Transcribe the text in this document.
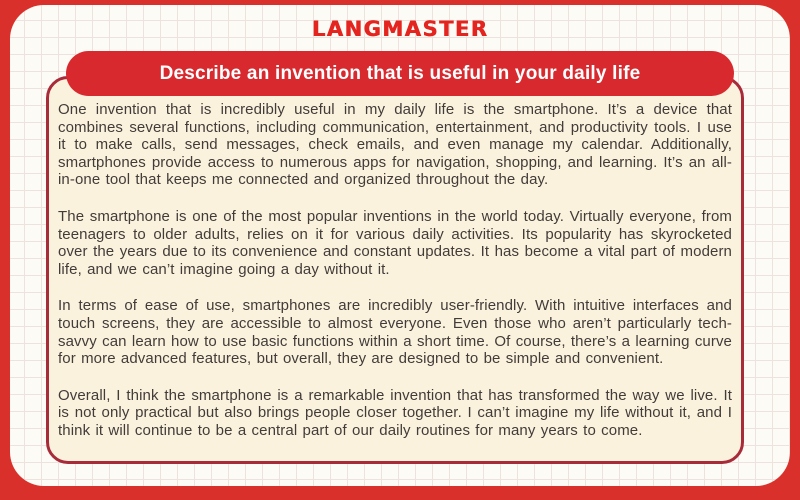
LANGMASTER
Describe an invention that is useful in your daily life

One invention that is incredibly useful in my daily life is the smartphone. It’s a device that combines several functions, including communication, entertainment, and productivity tools. I use it to make calls, send messages, check emails, and even manage my calendar. Additionally, smartphones provide access to numerous apps for navigation, shopping, and learning. It’s an all-in-one tool that keeps me connected and organized throughout the day.

The smartphone is one of the most popular inventions in the world today. Virtually everyone, from teenagers to older adults, relies on it for various daily activities. Its popularity has skyrocketed over the years due to its convenience and constant updates. It has become a vital part of modern life, and we can’t imagine going a day without it.

In terms of ease of use, smartphones are incredibly user-friendly. With intuitive interfaces and touch screens, they are accessible to almost everyone. Even those who aren’t particularly tech-savvy can learn how to use basic functions within a short time. Of course, there’s a learning curve for more advanced features, but overall, they are designed to be simple and convenient.

Overall, I think the smartphone is a remarkable invention that has transformed the way we live. It is not only practical but also brings people closer together. I can’t imagine my life without it, and I think it will continue to be a central part of our daily routines for many years to come.
